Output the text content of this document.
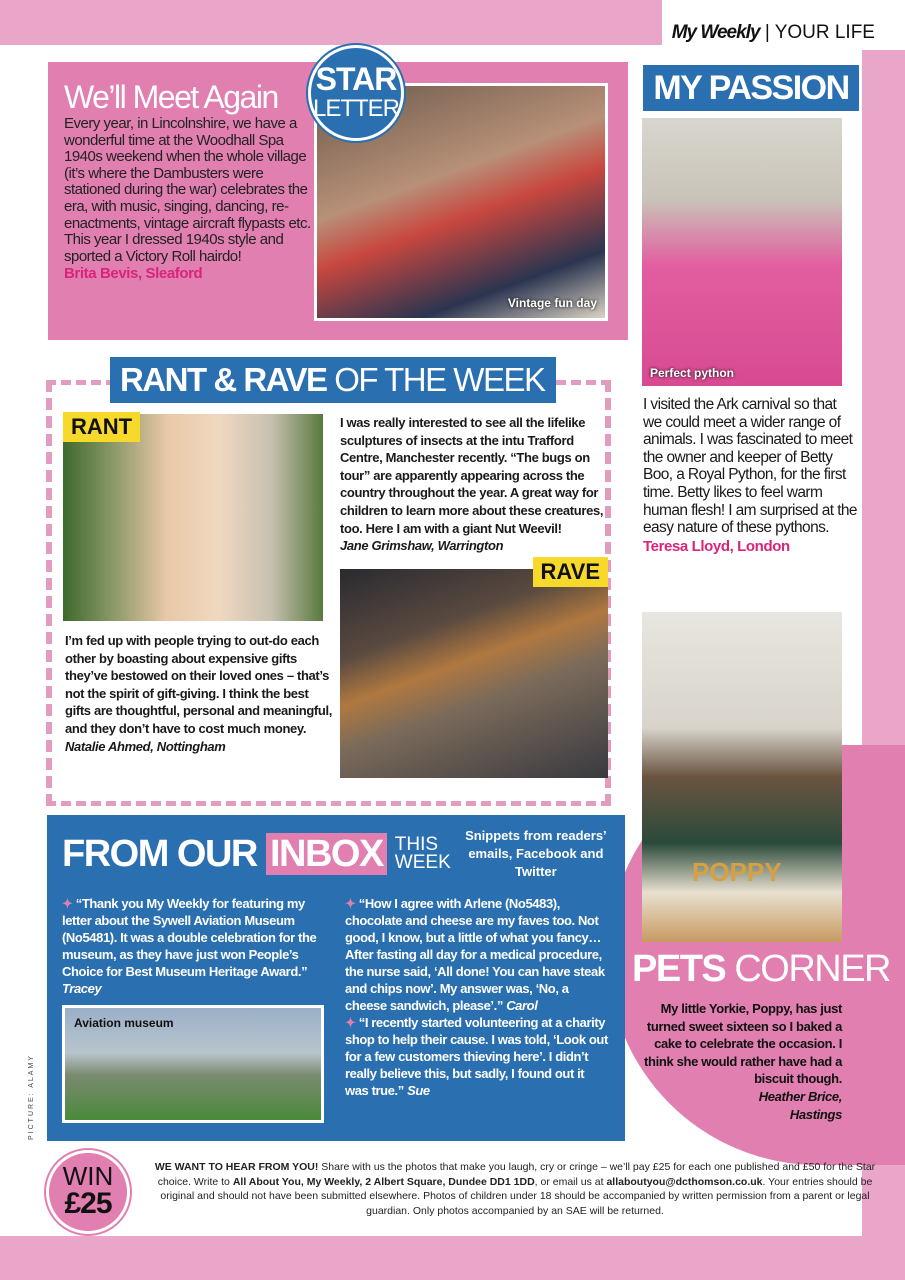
My Weekly | YOUR LIFE
We’ll Meet Again

Every year, in Lincolnshire, we have a wonderful time at the Woodhall Spa 1940s weekend when the whole village (it’s where the Dambusters were stationed during the war) celebrates the era, with music, singing, dancing, re-enactments, vintage aircraft flypasts etc. This year I dressed 1940s style and sported a Victory Roll hairdo!

Brita Bevis, Sleaford
Vintage fun day
STAR
LETTER
MY PASSION
Perfect python

I visited the Ark carnival so that we could meet a wider range of animals. I was fascinated to meet the owner and keeper of Betty Boo, a Royal Python, for the first time. Betty likes to feel warm human flesh! I am surprised at the easy nature of these pythons.

Teresa Lloyd, London
RANT & RAVE OF THE WEEK
RANT
I’m fed up with people trying to out-do each other by boasting about expensive gifts they’ve bestowed on their loved ones – that’s not the spirit of gift-giving. I think the best gifts are thoughtful, personal and meaningful, and they don’t have to cost much money.
Natalie Ahmed, Nottingham
I was really interested to see all the lifelike sculptures of insects at the intu Trafford Centre, Manchester recently. “The bugs on tour” are apparently appearing across the country throughout the year. A great way for children to learn more about these creatures, too. Here I am with a giant Nut Weevil!
Jane Grimshaw, Warrington
RAVE
POPPY
PETS CORNER
My little Yorkie, Poppy, has just turned sweet sixteen so I baked a cake to celebrate the occasion. I think she would rather have had a biscuit though.
Heather Brice,
Hastings
FROM OUR INBOX THIS
WEEK
Snippets from readers’ emails, Facebook and Twitter
✦ “Thank you My Weekly for featuring my letter about the Sywell Aviation Museum (No5481). It was a double celebration for the museum, as they have just won People’s Choice for Best Museum Heritage Award.” Tracey
Aviation museum
✦ “How I agree with Arlene (No5483), chocolate and cheese are my faves too. Not good, I know, but a little of what you fancy… After fasting all day for a medical procedure, the nurse said, ‘All done! You can have steak and chips now’. My answer was, ‘No, a cheese sandwich, please’.” Carol
✦ “I recently started volunteering at a charity shop to help their cause. I was told, ‘Look out for a few customers thieving here’. I didn’t really believe this, but sadly, I found out it was true.” Sue
PICTURE: ALAMY
WIN
£25
WE WANT TO HEAR FROM YOU! Share with us the photos that make you laugh, cry or cringe – we’ll pay £25 for each one published and £50 for the Star choice. Write to All About You, My Weekly, 2 Albert Square, Dundee DD1 1DD, or email us at allaboutyou@dcthomson.co.uk. Your entries should be original and should not have been submitted elsewhere. Photos of children under 18 should be accompanied by written permission from a parent or legal guardian. Only photos accompanied by an SAE will be returned.
